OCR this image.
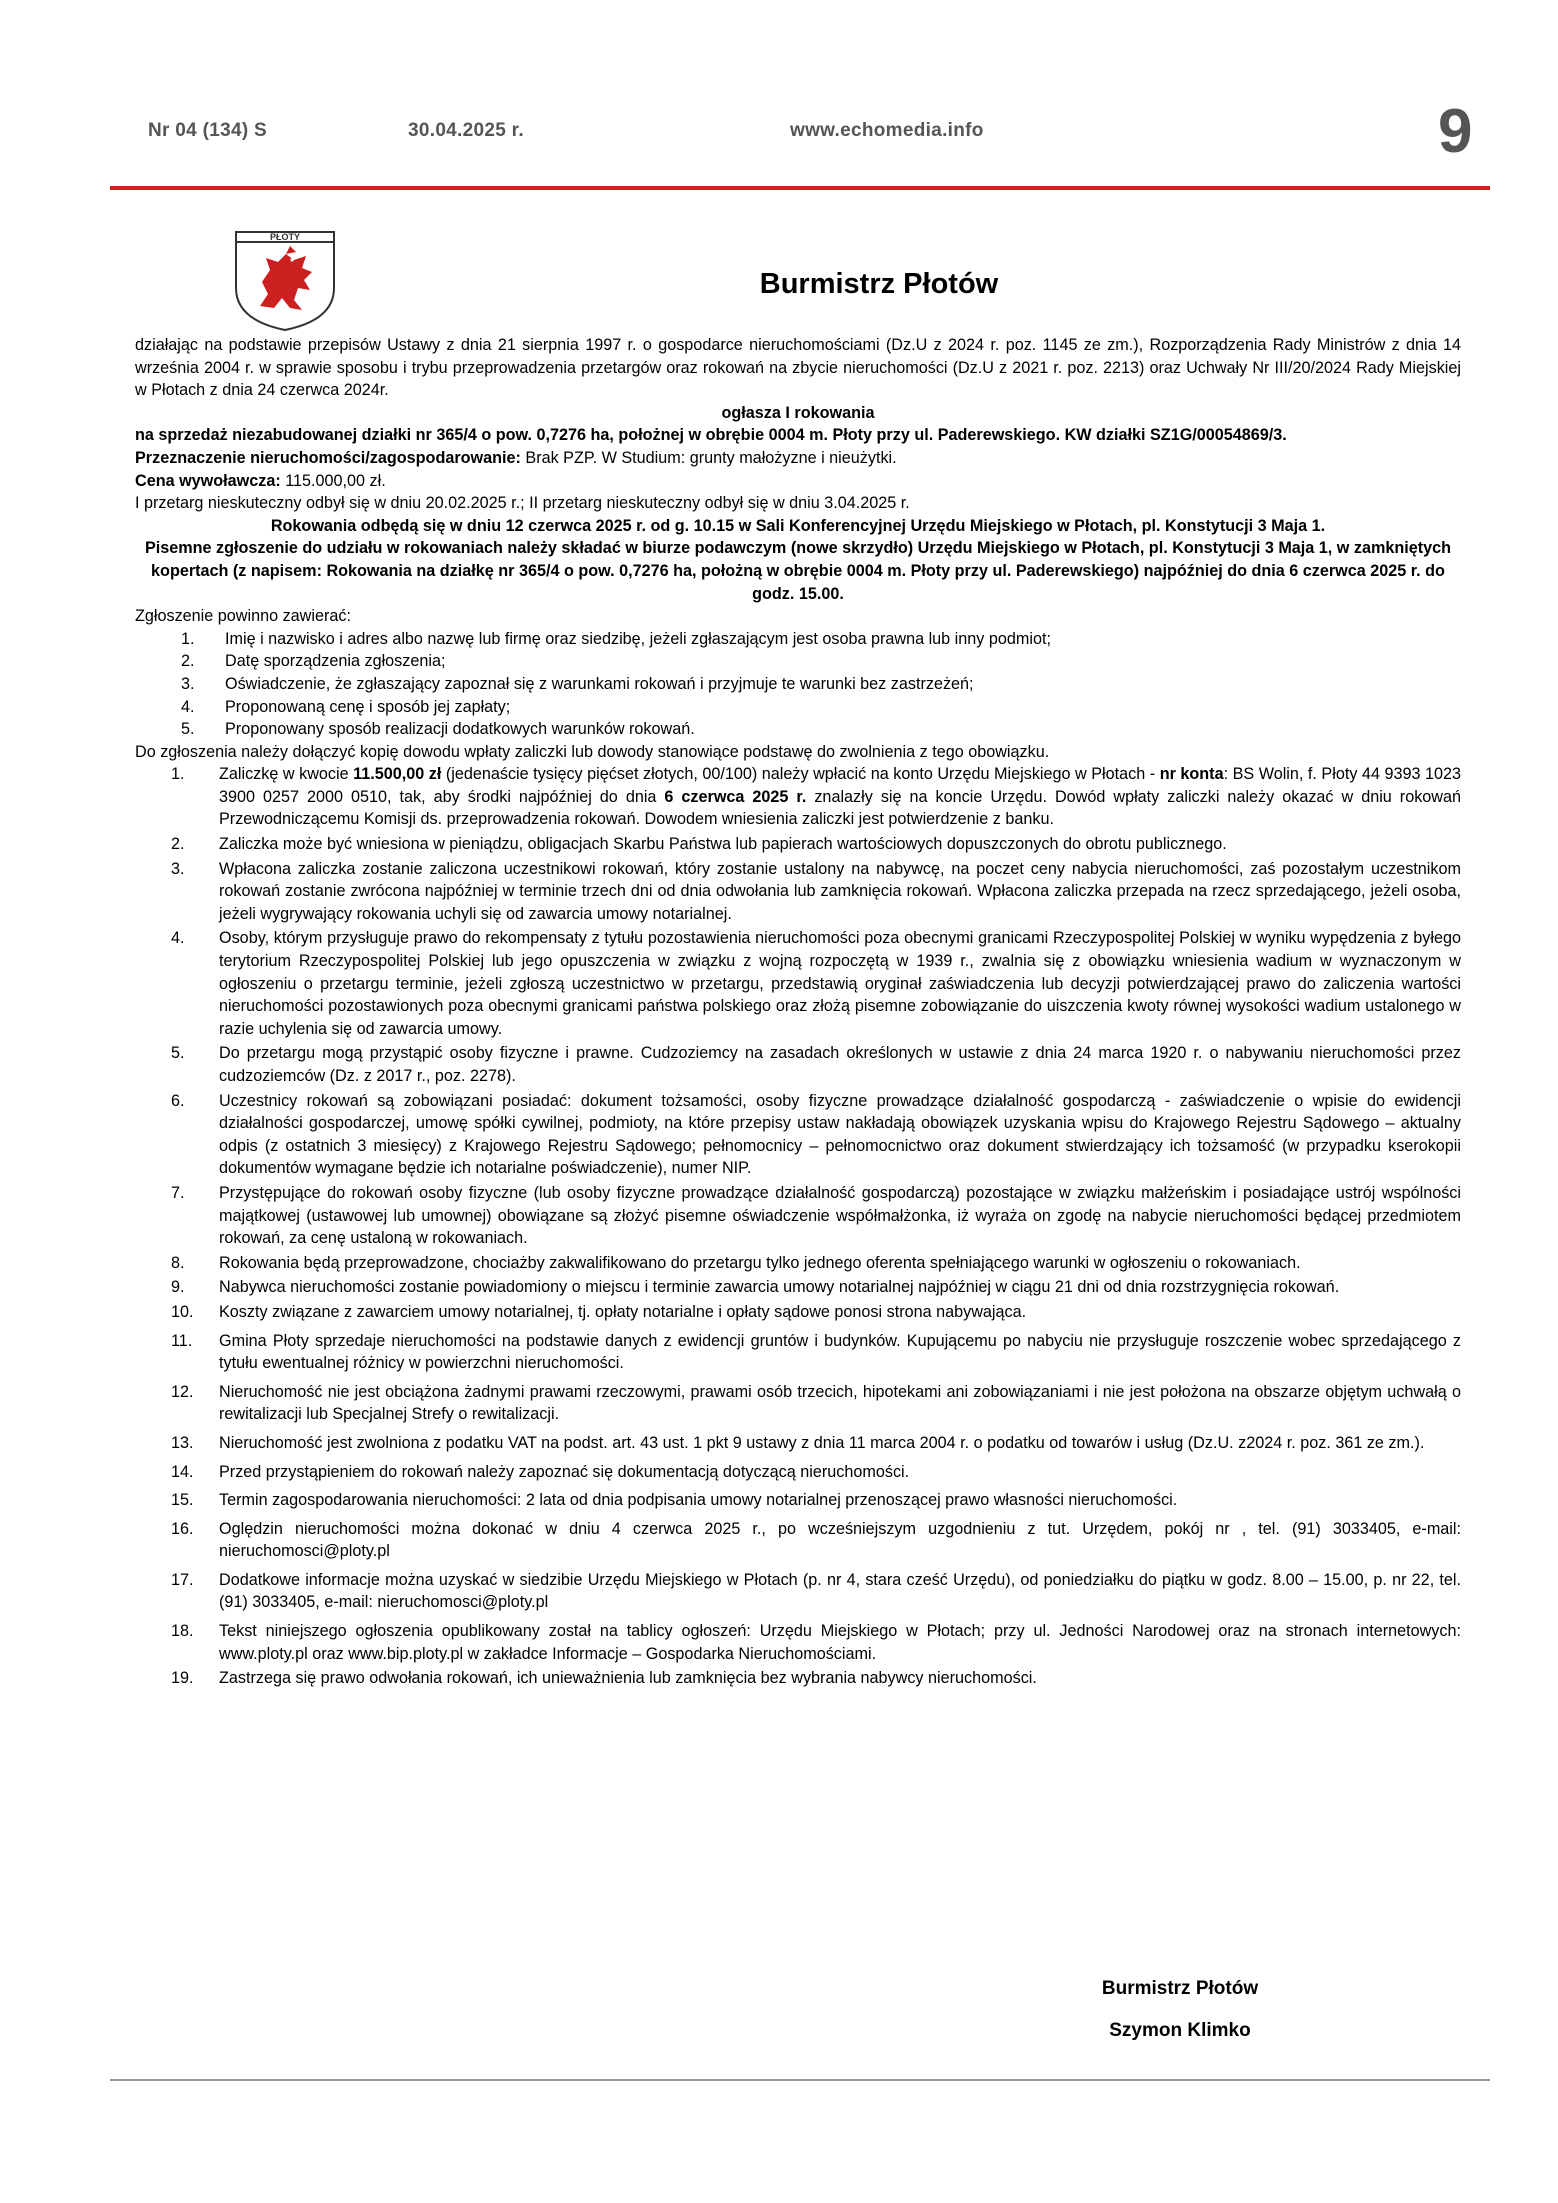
Nr 04 (134) S	30.04.2025 r.	www.echomedia.info	9
PŁOTY
Burmistrz Płotów

działając na podstawie przepisów Ustawy z dnia 21 sierpnia 1997 r. o gospodarce nieruchomościami (Dz.U z 2024 r. poz. 1145 ze zm.), Rozporządzenia Rady Ministrów z dnia 14 września 2004 r. w sprawie sposobu i trybu przeprowadzenia przetargów oraz rokowań na zbycie nieruchomości (Dz.U z 2021 r. poz. 2213) oraz Uchwały Nr III/20/2024 Rady Miejskiej w Płotach z dnia 24 czerwca 2024r.

ogłasza I rokowania

na sprzedaż niezabudowanej działki nr 365/4 o pow. 0,7276 ha, położnej w obrębie 0004 m. Płoty przy ul. Paderewskiego. KW działki SZ1G/00054869/3.

Przeznaczenie nieruchomości/zagospodarowanie: Brak PZP. W Studium: grunty małożyzne i nieużytki.

Cena wywoławcza: 115.000,00 zł.

I przetarg nieskuteczny odbył się w dniu 20.02.2025 r.; II przetarg nieskuteczny odbył się w dniu 3.04.2025 r.

Rokowania odbędą się w dniu 12 czerwca 2025 r. od g. 10.15 w Sali Konferencyjnej Urzędu Miejskiego w Płotach, pl. Konstytucji 3 Maja 1.

Pisemne zgłoszenie do udziału w rokowaniach należy składać w biurze podawczym (nowe skrzydło) Urzędu Miejskiego w Płotach, pl. Konstytucji 3 Maja 1, w zamkniętych kopertach (z napisem: Rokowania na działkę nr 365/4 o pow. 0,7276 ha, położną w obrębie 0004 m. Płoty przy ul. Paderewskiego) najpóźniej do dnia 6 czerwca 2025 r. do godz. 15.00.

Zgłoszenie powinno zawierać:

1.	Imię i nazwisko i adres albo nazwę lub firmę oraz siedzibę, jeżeli zgłaszającym jest osoba prawna lub inny podmiot;
2.	Datę sporządzenia zgłoszenia;
3.	Oświadczenie, że zgłaszający zapoznał się z warunkami rokowań i przyjmuje te warunki bez zastrzeżeń;
4.	Proponowaną cenę i sposób jej zapłaty;
5.	Proponowany sposób realizacji dodatkowych warunków rokowań.

Do zgłoszenia należy dołączyć kopię dowodu wpłaty zaliczki lub dowody stanowiące podstawę do zwolnienia z tego obowiązku.

1.	Zaliczkę w kwocie 11.500,00 zł (jedenaście tysięcy pięćset złotych, 00/100) należy wpłacić na konto Urzędu Miejskiego w Płotach - nr konta: BS Wolin, f. Płoty 44 9393 1023 3900 0257 2000 0510, tak, aby środki najpóźniej do dnia 6 czerwca 2025 r. znalazły się na koncie Urzędu. Dowód wpłaty zaliczki należy okazać w dniu rokowań Przewodniczącemu Komisji ds. przeprowadzenia rokowań. Dowodem wniesienia zaliczki jest potwierdzenie z banku.
2.	Zaliczka może być wniesiona w pieniądzu, obligacjach Skarbu Państwa lub papierach wartościowych dopuszczonych do obrotu publicznego.
3.	Wpłacona zaliczka zostanie zaliczona uczestnikowi rokowań, który zostanie ustalony na nabywcę, na poczet ceny nabycia nieruchomości, zaś pozostałym uczestnikom rokowań zostanie zwrócona najpóźniej w terminie trzech dni od dnia odwołania lub zamknięcia rokowań. Wpłacona zaliczka przepada na rzecz sprzedającego, jeżeli osoba, jeżeli wygrywający rokowania uchyli się od zawarcia umowy notarialnej.
4.	Osoby, którym przysługuje prawo do rekompensaty z tytułu pozostawienia nieruchomości poza obecnymi granicami Rzeczypospolitej Polskiej w wyniku wypędzenia z byłego terytorium Rzeczypospolitej Polskiej lub jego opuszczenia w związku z wojną rozpoczętą w 1939 r., zwalnia się z obowiązku wniesienia wadium w wyznaczonym w ogłoszeniu o przetargu terminie, jeżeli zgłoszą uczestnictwo w przetargu, przedstawią oryginał zaświadczenia lub decyzji potwierdzającej prawo do zaliczenia wartości nieruchomości pozostawionych poza obecnymi granicami państwa polskiego oraz złożą pisemne zobowiązanie do uiszczenia kwoty równej wysokości wadium ustalonego w razie uchylenia się od zawarcia umowy.
5.	Do przetargu mogą przystąpić osoby fizyczne i prawne. Cudzoziemcy na zasadach określonych w ustawie z dnia 24 marca 1920 r. o nabywaniu nieruchomości przez cudzoziemców (Dz. z 2017 r., poz. 2278).
6.	Uczestnicy rokowań są zobowiązani posiadać: dokument tożsamości, osoby fizyczne prowadzące działalność gospodarczą - zaświadczenie o wpisie do ewidencji działalności gospodarczej, umowę spółki cywilnej, podmioty, na które przepisy ustaw nakładają obowiązek uzyskania wpisu do Krajowego Rejestru Sądowego – aktualny odpis (z ostatnich 3 miesięcy) z Krajowego Rejestru Sądowego; pełnomocnicy – pełnomocnictwo oraz dokument stwierdzający ich tożsamość (w przypadku kserokopii dokumentów wymagane będzie ich notarialne poświadczenie), numer NIP.
7.	Przystępujące do rokowań osoby fizyczne (lub osoby fizyczne prowadzące działalność gospodarczą) pozostające w związku małżeńskim i posiadające ustrój wspólności majątkowej (ustawowej lub umownej) obowiązane są złożyć pisemne oświadczenie współmałżonka, iż wyraża on zgodę na nabycie nieruchomości będącej przedmiotem rokowań, za cenę ustaloną w rokowaniach.
8.	Rokowania będą przeprowadzone, chociażby zakwalifikowano do przetargu tylko jednego oferenta spełniającego warunki w ogłoszeniu o rokowaniach.
9.	Nabywca nieruchomości zostanie powiadomiony o miejscu i terminie zawarcia umowy notarialnej najpóźniej w ciągu 21 dni od dnia rozstrzygnięcia rokowań.
10.	Koszty związane z zawarciem umowy notarialnej, tj. opłaty notarialne i opłaty sądowe ponosi strona nabywająca.
11.	Gmina Płoty sprzedaje nieruchomości na podstawie danych z ewidencji gruntów i budynków. Kupującemu po nabyciu nie przysługuje roszczenie wobec sprzedającego z tytułu ewentualnej różnicy w powierzchni nieruchomości.
12.	Nieruchomość nie jest obciążona żadnymi prawami rzeczowymi, prawami osób trzecich, hipotekami ani zobowiązaniami i nie jest położona na obszarze objętym uchwałą o rewitalizacji lub Specjalnej Strefy o rewitalizacji.
13.	Nieruchomość jest zwolniona z podatku VAT na podst. art. 43 ust. 1 pkt 9 ustawy z dnia 11 marca 2004 r. o podatku od towarów i usług (Dz.U. z2024 r. poz. 361 ze zm.).
14.	Przed przystąpieniem do rokowań należy zapoznać się dokumentacją dotyczącą nieruchomości.
15.	Termin zagospodarowania nieruchomości: 2 lata od dnia podpisania umowy notarialnej przenoszącej prawo własności nieruchomości.
16.	Oględzin nieruchomości można dokonać w dniu 4 czerwca 2025 r., po wcześniejszym uzgodnieniu z tut. Urzędem, pokój nr , tel. (91) 3033405, e-mail: nieruchomosci@ploty.pl
17.	Dodatkowe informacje można uzyskać w siedzibie Urzędu Miejskiego w Płotach (p. nr 4, stara cześć Urzędu), od poniedziałku do piątku w godz. 8.00 – 15.00, p. nr 22, tel. (91) 3033405, e-mail: nieruchomosci@ploty.pl
18.	Tekst niniejszego ogłoszenia opublikowany został na tablicy ogłoszeń: Urzędu Miejskiego w Płotach; przy ul. Jedności Narodowej oraz na stronach internetowych: www.ploty.pl oraz www.bip.ploty.pl w zakładce Informacje – Gospodarka Nieruchomościami.
19.	Zastrzega się prawo odwołania rokowań, ich unieważnienia lub zamknięcia bez wybrania nabywcy nieruchomości.
Burmistrz Płotów
Szymon Klimko
